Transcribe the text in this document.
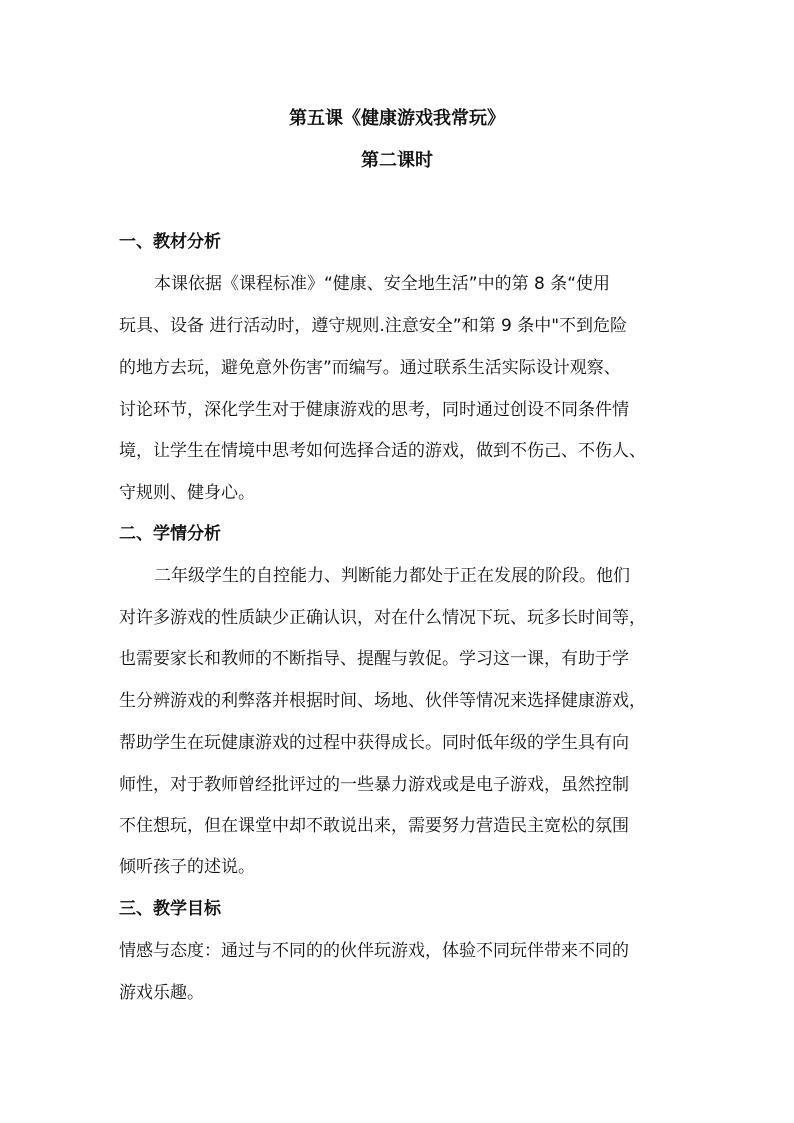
第五课《健康游戏我常玩》
第二课时
一、教材分析
本课依据《课程标准》“健康、安全地生活”中的第 8 条“使用
玩具、设备 进行活动时，遵守规则.注意安全”和第 9 条中"不到危险
的地方去玩，避免意外伤害”而编写。通过联系生活实际设计观察、
讨论环节，深化学生对于健康游戏的思考，同时通过创设不同条件情
境，让学生在情境中思考如何选择合适的游戏，做到不伤己、不伤人、
守规则、健身心。
二、学情分析
二年级学生的自控能力、判断能力都处于正在发展的阶段。他们
对许多游戏的性质缺少正确认识，对在什么情况下玩、玩多长时间等，
也需要家长和教师的不断指导、提醒与敦促。学习这一课，有助于学
生分辨游戏的利弊落并根据时间、场地、伙伴等情况来选择健康游戏，
帮助学生在玩健康游戏的过程中获得成长。同时低年级的学生具有向
师性，对于教师曾经批评过的一些暴力游戏或是电子游戏，虽然控制
不住想玩，但在课堂中却不敢说出来，需要努力营造民主宽松的氛围
倾听孩子的述说。
三、教学目标
情感与态度：通过与不同的的伙伴玩游戏，体验不同玩伴带来不同的
游戏乐趣。
